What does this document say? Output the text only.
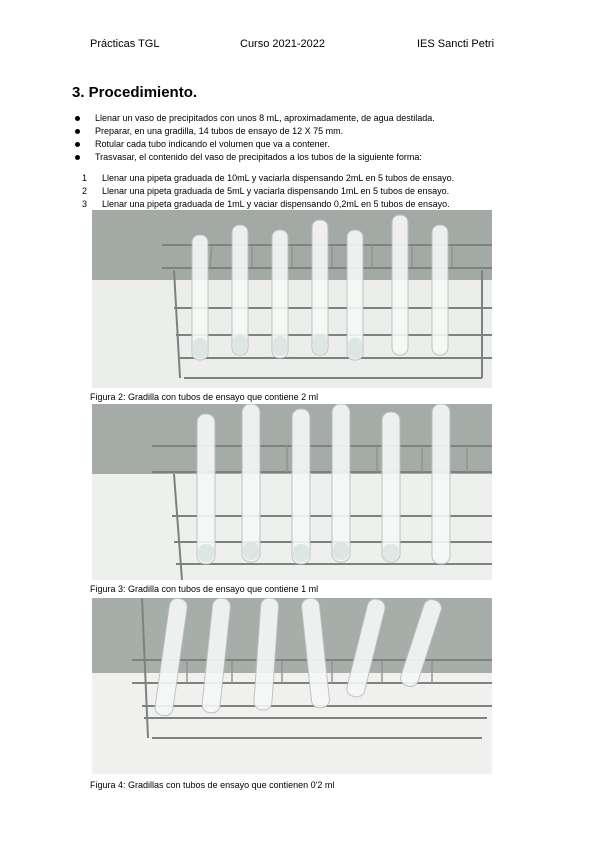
Prácticas TGL	Curso 2021-2022	IES Sancti Petri
3. Procedimiento.
Llenar un vaso de precipitados con unos 8 mL, aproximadamente, de agua destilada.
Preparar, en una gradilla, 14 tubos de ensayo de 12 X 75 mm.
Rotular cada tubo indicando el volumen que va a contener.
Trasvasar, el contenido del vaso de precipitados a los tubos de la siguiente forma:
1 Llenar una pipeta graduada de 10mL y vaciarla dispensando 2mL en 5 tubos de ensayo.
2 Llenar una pipeta graduada de 5mL y vaciarla dispensando 1mL en 5 tubos de ensayo.
3 Llenar una pipeta graduada de 1mL y vaciar dispensando 0,2mL en 5 tubos de ensayo.
Figura 2: Gradilla con tubos de ensayo que contiene 2 ml
Figura 3: Gradilla con tubos de ensayo que contiene 1 ml
Figura 4: Gradillas con tubos de ensayo que contienen 0'2 ml
